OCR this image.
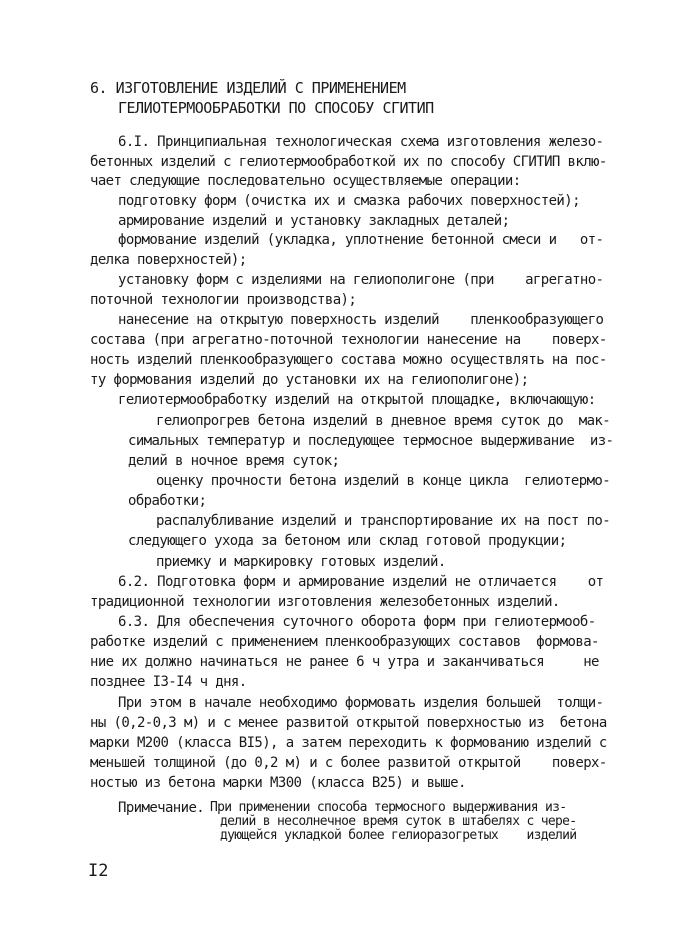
6. ИЗГОТОВЛЕНИЕ ИЗДЕЛИЙ С ПРИМЕНЕНИЕМ
ГЕЛИОТЕРМООБРАБОТКИ ПО СПОСОБУ СГИТИП
6.I. Принципиальная технологическая схема изготовления железо-
бетонных изделий с гелиотермообработкой их по способу СГИТИП вклю-
чает следующие последовательно осуществляемые операции:
подготовку форм (очистка их и смазка рабочих поверхностей);
армирование изделий и установку закладных деталей;
формование изделий (укладка, уплотнение бетонной смеси и   от-
делка поверхностей);
установку форм с изделиями на гелиополигоне (при    агрегатно-
поточной технологии производства);
нанесение на открытую поверхность изделий    пленкообразующего
состава (при агрегатно-поточной технологии нанесение на    поверх-
ность изделий пленкообразующего состава можно осуществлять на пос-
ту формования изделий до установки их на гелиополигоне);
гелиотермообработку изделий на открытой площадке, включающую:
гелиопрогрев бетона изделий в дневное время суток до  мак-
симальных температур и последующее термосное выдерживание  из-
делий в ночное время суток;
оценку прочности бетона изделий в конце цикла  гелиотермо-
обработки;
распалубливание изделий и транспортирование их на пост по-
следующего ухода за бетоном или склад готовой продукции;
приемку и маркировку готовых изделий.
6.2. Подготовка форм и армирование изделий не отличается    от
традиционной технологии изготовления железобетонных изделий.
6.3. Для обеспечения суточного оборота форм при гелиотермооб-
работке изделий с применением пленкообразующих составов  формова-
ние их должно начинаться не ранее 6 ч утра и заканчиваться     не
позднее I3-I4 ч дня.
При этом в начале необходимо формовать изделия большей  толщи-
ны (0,2-0,3 м) и с менее развитой открытой поверхностью из  бетона
марки М200 (класса BI5), а затем переходить к формованию изделий с
меньшей толщиной (до 0,2 м) и с более развитой открытой    поверх-
ностью из бетона марки М300 (класса В25) и выше.
Примечание. При применении способа термосного выдерживания из-
делий в несолнечное время суток в штабелях с чере-
дующейся укладкой более гелиоразогретых    изделий
I2
